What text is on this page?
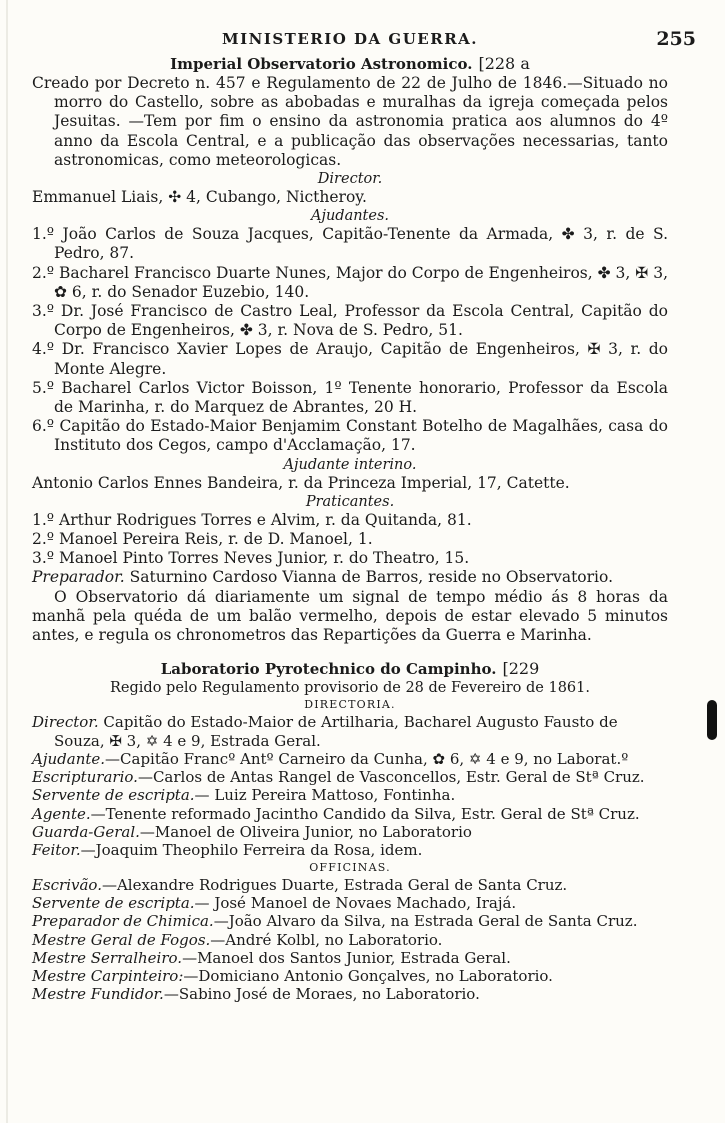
MINISTERIO DA GUERRA.	255

Imperial Observatorio Astronomico. [228 a

Creado por Decreto n. 457 e Regulamento de 22 de Julho de 1846.—Situado no morro do Castello, sobre as abobadas e muralhas da igreja começada pelos Jesuitas. —Tem por fim o ensino da astronomia pratica aos alumnos do 4º anno da Escola Central, e a publicação das observações necessarias, tanto astronomicas, como meteorologicas.

Director.

Emmanuel Liais, ✣ 4, Cubango, Nictheroy.

Ajudantes.

1.º João Carlos de Souza Jacques, Capitão-Tenente da Armada, ✤ 3, r. de S. Pedro, 87.

2.º Bacharel Francisco Duarte Nunes, Major do Corpo de Engenheiros, ✤ 3, ✠ 3, ✿ 6, r. do Senador Euzebio, 140.

3.º Dr. José Francisco de Castro Leal, Professor da Escola Central, Capitão do Corpo de Engenheiros, ✤ 3, r. Nova de S. Pedro, 51.

4.º Dr. Francisco Xavier Lopes de Araujo, Capitão de Engenheiros, ✠ 3, r. do Monte Alegre.

5.º Bacharel Carlos Victor Boisson, 1º Tenente honorario, Professor da Escola de Marinha, r. do Marquez de Abrantes, 20 H.

6.º Capitão do Estado-Maior Benjamim Constant Botelho de Magalhães, casa do Instituto dos Cegos, campo d'Acclamação, 17.

Ajudante interino.

Antonio Carlos Ennes Bandeira, r. da Princeza Imperial, 17, Catette.

Praticantes.

1.º Arthur Rodrigues Torres e Alvim, r. da Quitanda, 81.

2.º Manoel Pereira Reis, r. de D. Manoel, 1.

3.º Manoel Pinto Torres Neves Junior, r. do Theatro, 15.

Preparador. Saturnino Cardoso Vianna de Barros, reside no Observatorio.

O Observatorio dá diariamente um signal de tempo médio ás 8 horas da manhã pela quéda de um balão vermelho, depois de estar elevado 5 minutos antes, e regula os chronometros das Repartições da Guerra e Marinha.

Laboratorio Pyrotechnico do Campinho. [229

Regido pelo Regulamento provisorio de 28 de Fevereiro de 1861.

DIRECTORIA.

Director. Capitão do Estado-Maior de Artilharia, Bacharel Augusto Fausto de Souza, ✠ 3, ✡ 4 e 9, Estrada Geral.

Ajudante.—Capitão Francº Antº Carneiro da Cunha, ✿ 6, ✡ 4 e 9, no Laborat.º

Escripturario.—Carlos de Antas Rangel de Vasconcellos, Estr. Geral de Stª Cruz.

Servente de escripta.— Luiz Pereira Mattoso, Fontinha.

Agente.—Tenente reformado Jacintho Candido da Silva, Estr. Geral de Stª Cruz.

Guarda-Geral.—Manoel de Oliveira Junior, no Laboratorio

Feitor.—Joaquim Theophilo Ferreira da Rosa, idem.

OFFICINAS.

Escrivão.—Alexandre Rodrigues Duarte, Estrada Geral de Santa Cruz.

Servente de escripta.— José Manoel de Novaes Machado, Irajá.

Preparador de Chimica.—João Alvaro da Silva, na Estrada Geral de Santa Cruz.

Mestre Geral de Fogos.—André Kolbl, no Laboratorio.

Mestre Serralheiro.—Manoel dos Santos Junior, Estrada Geral.

Mestre Carpinteiro:—Domiciano Antonio Gonçalves, no Laboratorio.

Mestre Fundidor.—Sabino José de Moraes, no Laboratorio.
